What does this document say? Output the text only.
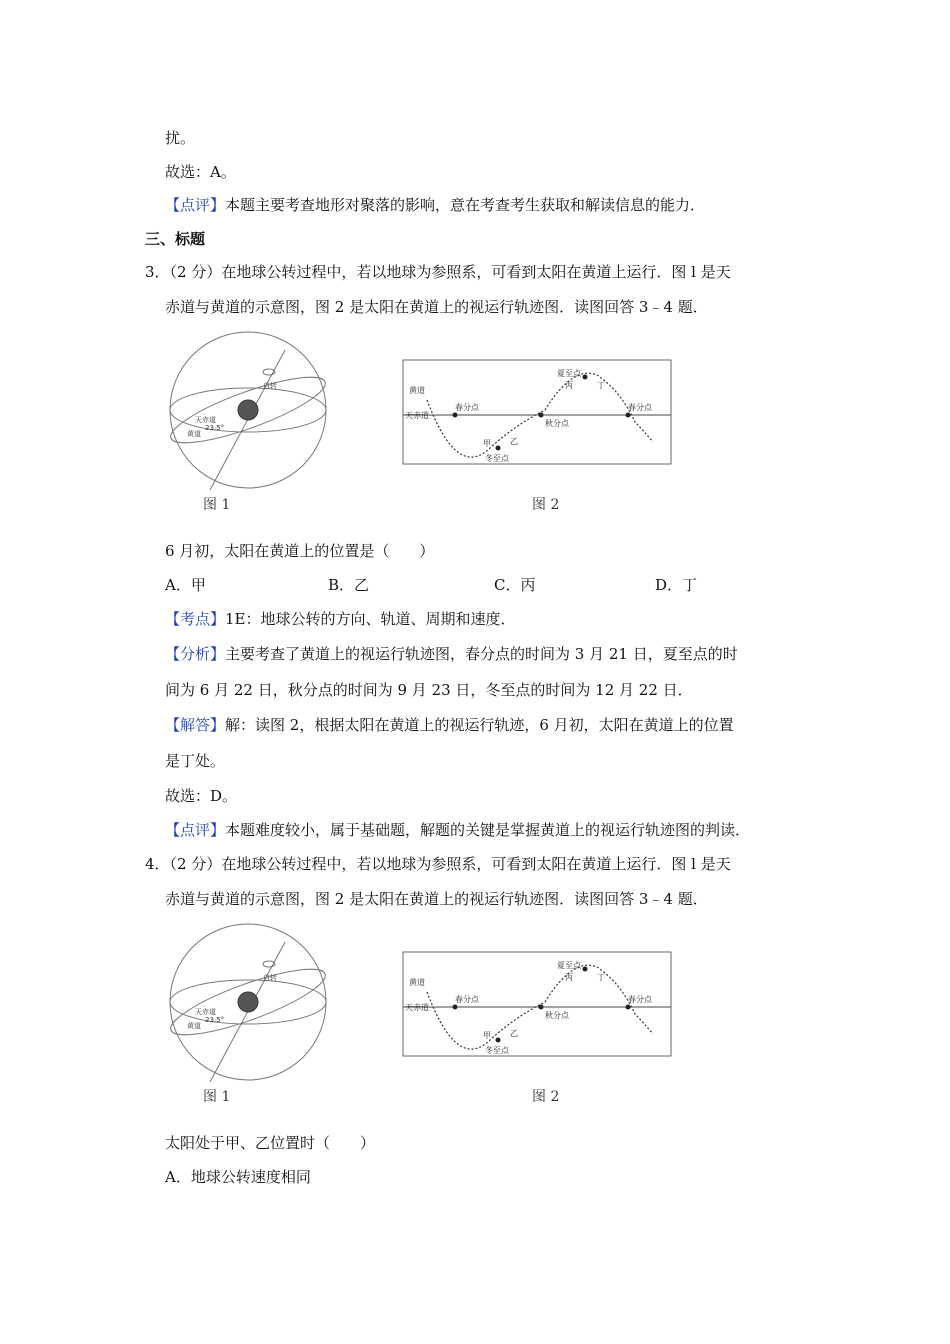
扰。
故选：A。
【点评】本题主要考查地形对聚落的影响，意在考查考生获取和解读信息的能力．
三、标题
3．（2 分）在地球公转过程中，若以地球为参照系，可看到太阳在黄道上运行．图 l 是天
赤道与黄道的示意图，图 2 是太阳在黄道上的视运行轨迹图．读图回答 3﹣4 题．
天赤道
23.5°
黄道
自转	黄道
天赤道
春分点
秋分点
春分点
夏至点
冬至点
甲 乙
丙	丁
图 1	图 2
6 月初，太阳在黄道上的位置是（　　）
A．甲	B．乙	C．丙	D．丁
【考点】1E：地球公转的方向、轨道、周期和速度．
【分析】主要考查了黄道上的视运行轨迹图，春分点的时间为 3 月 21 日，夏至点的时
间为 6 月 22 日，秋分点的时间为 9 月 23 日，冬至点的时间为 12 月 22 日．
【解答】解：读图 2，根据太阳在黄道上的视运行轨迹，6 月初，太阳在黄道上的位置
是丁处。
故选：D。
【点评】本题难度较小，属于基础题，解题的关键是掌握黄道上的视运行轨迹图的判读．
4．（2 分）在地球公转过程中，若以地球为参照系，可看到太阳在黄道上运行．图 l 是天
赤道与黄道的示意图，图 2 是太阳在黄道上的视运行轨迹图．读图回答 3﹣4 题．
天赤道
23.5°
黄道
自转	黄道
天赤道
春分点
秋分点
春分点
夏至点
冬至点
甲 乙
丙	丁
图 1	图 2
太阳处于甲、乙位置时（　　）
A．地球公转速度相同
